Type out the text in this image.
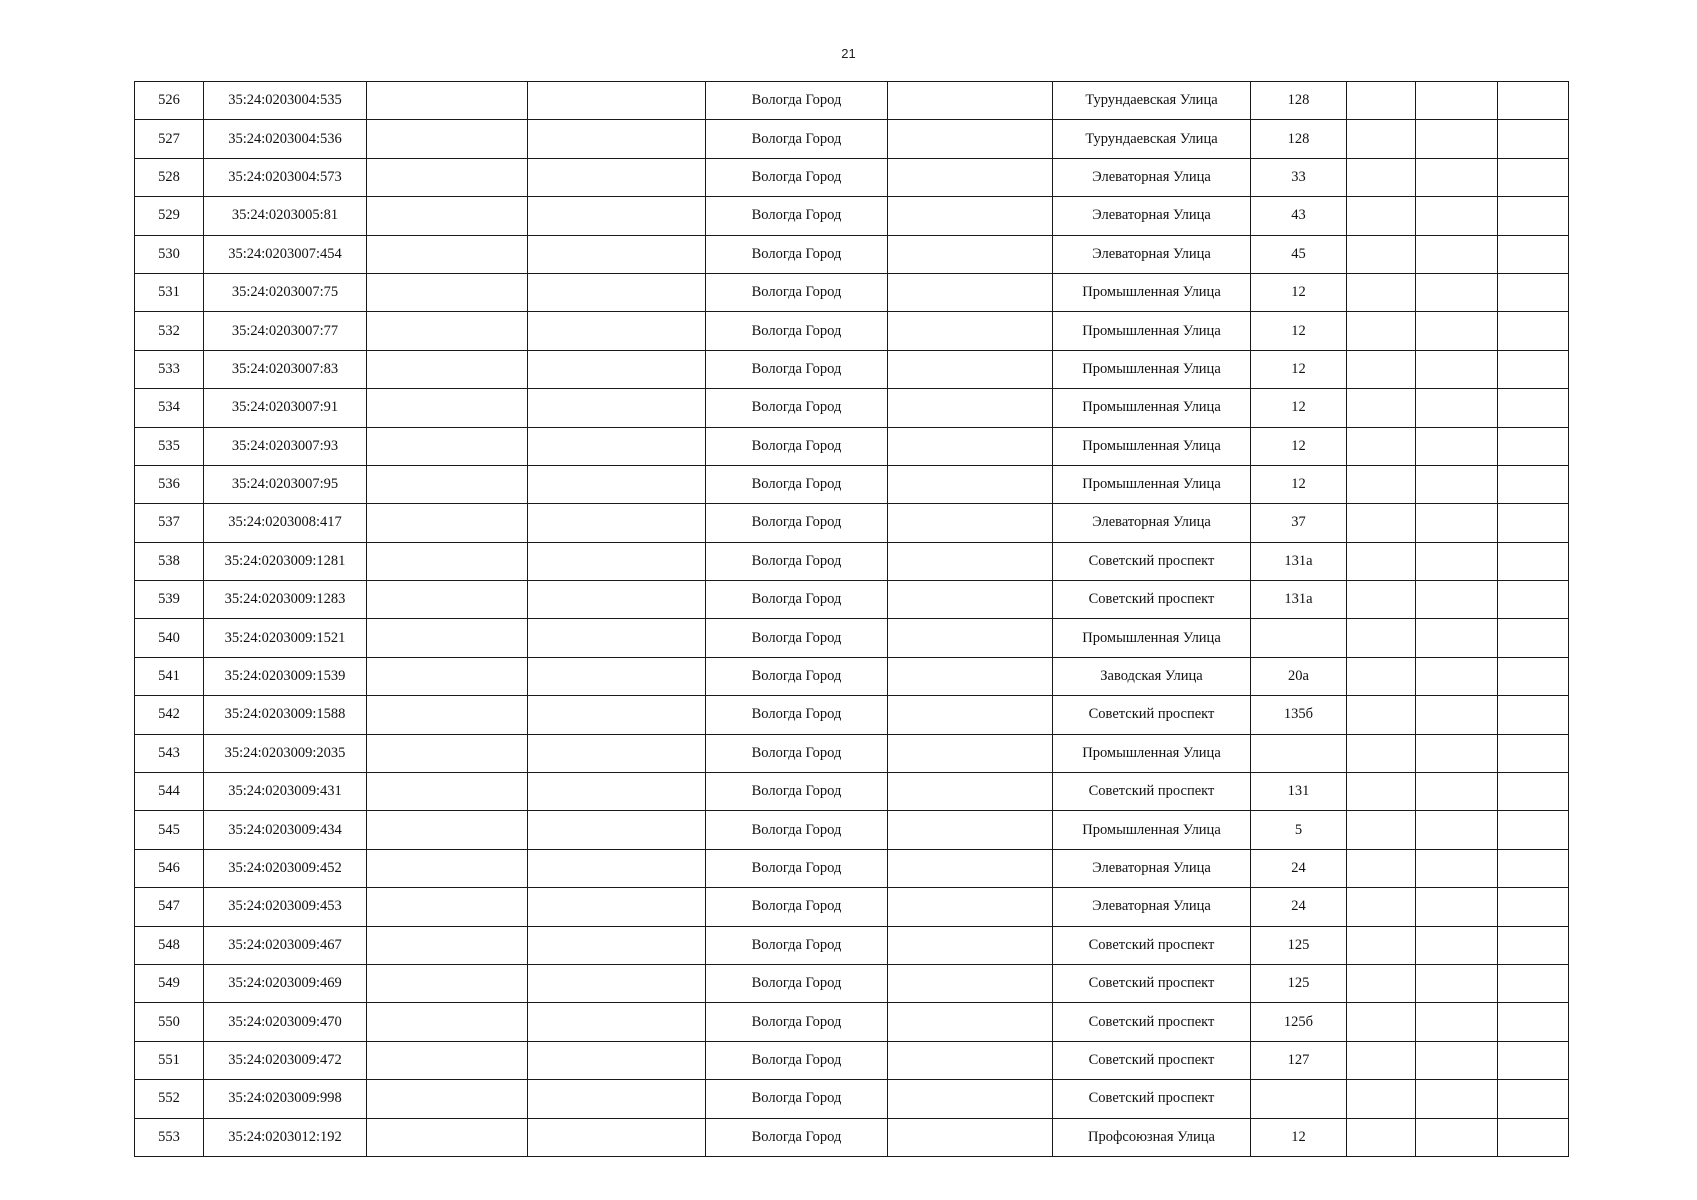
21
526	35:24:0203004:535			Вологда Город		Турундаевская Улица	128			
527	35:24:0203004:536			Вологда Город		Турундаевская Улица	128			
528	35:24:0203004:573			Вологда Город		Элеваторная Улица	33			
529	35:24:0203005:81			Вологда Город		Элеваторная Улица	43			
530	35:24:0203007:454			Вологда Город		Элеваторная Улица	45			
531	35:24:0203007:75			Вологда Город		Промышленная Улица	12			
532	35:24:0203007:77			Вологда Город		Промышленная Улица	12			
533	35:24:0203007:83			Вологда Город		Промышленная Улица	12			
534	35:24:0203007:91			Вологда Город		Промышленная Улица	12			
535	35:24:0203007:93			Вологда Город		Промышленная Улица	12			
536	35:24:0203007:95			Вологда Город		Промышленная Улица	12			
537	35:24:0203008:417			Вологда Город		Элеваторная Улица	37			
538	35:24:0203009:1281			Вологда Город		Советский проспект	131а			
539	35:24:0203009:1283			Вологда Город		Советский проспект	131а			
540	35:24:0203009:1521			Вологда Город		Промышленная Улица				
541	35:24:0203009:1539			Вологда Город		Заводская Улица	20а			
542	35:24:0203009:1588			Вологда Город		Советский проспект	135б			
543	35:24:0203009:2035			Вологда Город		Промышленная Улица				
544	35:24:0203009:431			Вологда Город		Советский проспект	131			
545	35:24:0203009:434			Вологда Город		Промышленная Улица	5			
546	35:24:0203009:452			Вологда Город		Элеваторная Улица	24			
547	35:24:0203009:453			Вологда Город		Элеваторная Улица	24			
548	35:24:0203009:467			Вологда Город		Советский проспект	125			
549	35:24:0203009:469			Вологда Город		Советский проспект	125			
550	35:24:0203009:470			Вологда Город		Советский проспект	125б			
551	35:24:0203009:472			Вологда Город		Советский проспект	127			
552	35:24:0203009:998			Вологда Город		Советский проспект				
553	35:24:0203012:192			Вологда Город		Профсоюзная Улица	12			
